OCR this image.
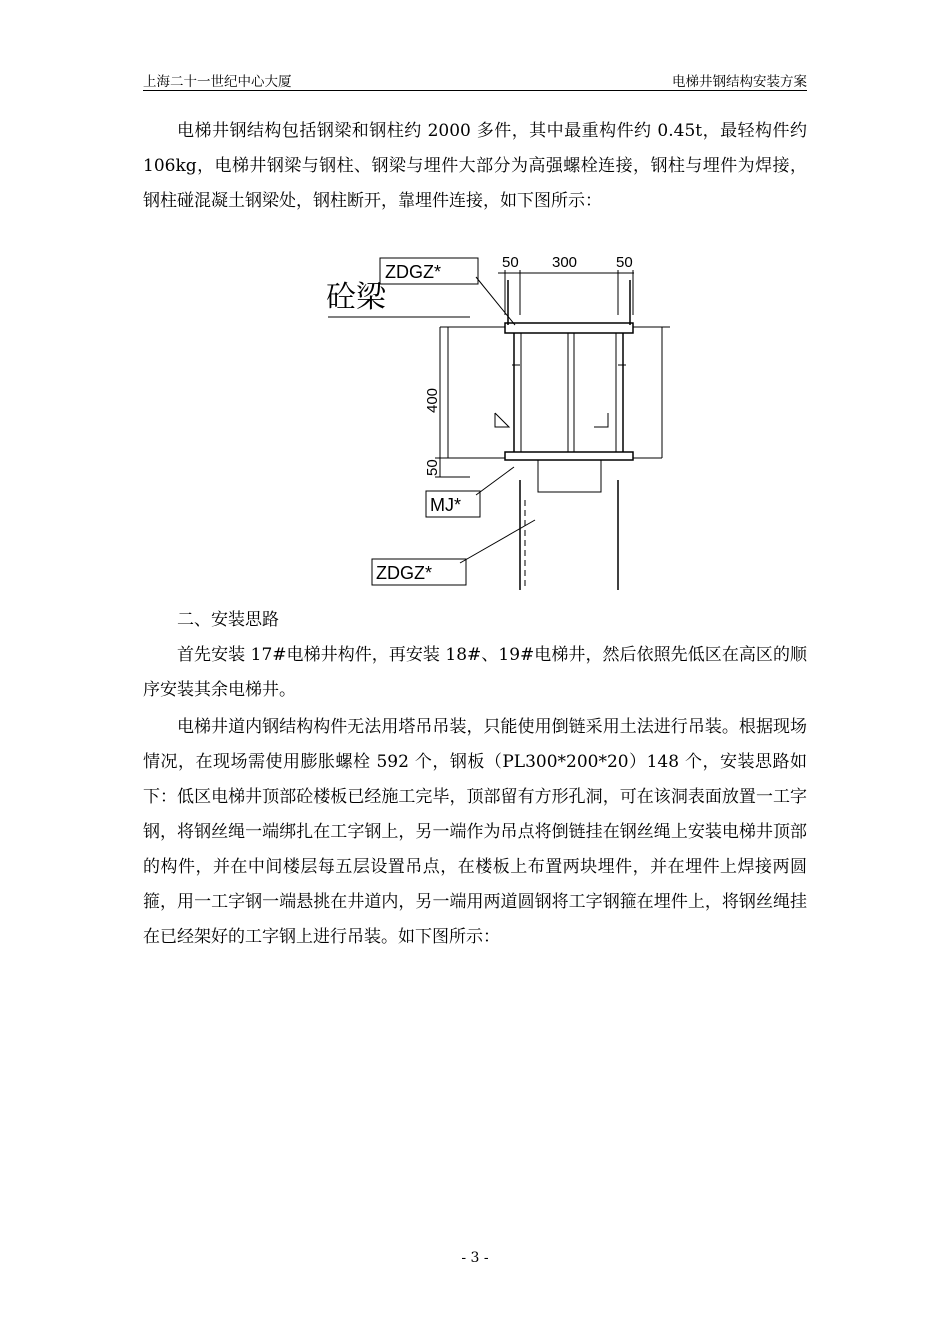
上海二十一世纪中心大厦	电梯井钢结构安装方案

电梯井钢结构包括钢梁和钢柱约 2000 多件，其中最重构件约 0.45t，最轻构件约 106kg，电梯井钢梁与钢柱、钢梁与埋件大部分为高强螺栓连接，钢柱与埋件为焊接，钢柱碰混凝土钢梁处，钢柱断开，靠埋件连接，如下图所示：

50 300	50
砼梁
ZDGZ*
MJ*
ZDGZ*
400
50

二、安装思路

首先安装 17#电梯井构件，再安装 18#、19#电梯井，然后依照先低区在高区的顺序安装其余电梯井。

电梯井道内钢结构构件无法用塔吊吊装，只能使用倒链采用土法进行吊装。根据现场情况，在现场需使用膨胀螺栓 592 个，钢板（PL300*200*20）148 个，安装思路如下：低区电梯井顶部砼楼板已经施工完毕，顶部留有方形孔洞，可在该洞表面放置一工字钢，将钢丝绳一端绑扎在工字钢上，另一端作为吊点将倒链挂在钢丝绳上安装电梯井顶部的构件，并在中间楼层每五层设置吊点，在楼板上布置两块埋件，并在埋件上焊接两圆箍，用一工字钢一端悬挑在井道内，另一端用两道圆钢将工字钢箍在埋件上，将钢丝绳挂在已经架好的工字钢上进行吊装。如下图所示：

- 3 -
